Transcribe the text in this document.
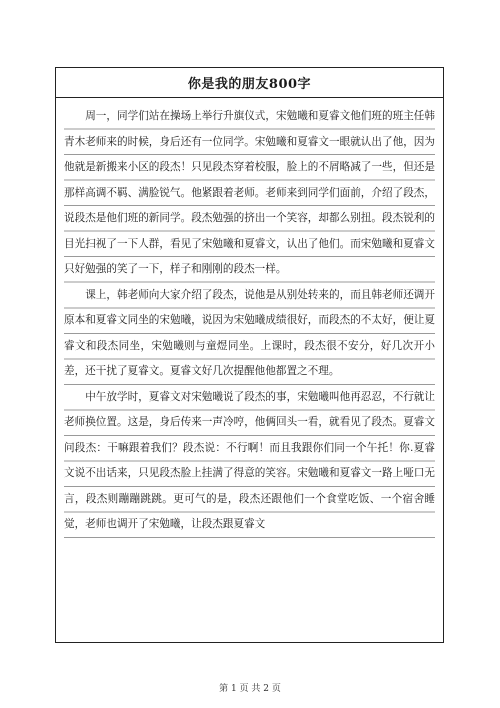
你是我的朋友800字

周一，同学们站在操场上举行升旗仪式，宋勉曦和夏睿文他们班的班主任韩青木老师来的时候，身后还有一位同学。宋勉曦和夏睿文一眼就认出了他，因为他就是新搬来小区的段杰！只见段杰穿着校服，脸上的不屑略减了一些，但还是那样高调不羁、满脸锐气。他紧跟着老师。老师来到同学们面前，介绍了段杰，说段杰是他们班的新同学。段杰勉强的挤出一个笑容，却都么别扭。段杰锐利的目光扫视了一下人群，看见了宋勉曦和夏睿文，认出了他们。而宋勉曦和夏睿文只好勉强的笑了一下，样子和刚刚的段杰一样。

课上，韩老师向大家介绍了段杰，说他是从别处转来的，而且韩老师还调开原本和夏睿文同坐的宋勉曦，说因为宋勉曦成绩很好，而段杰的不太好，便让夏睿文和段杰同坐，宋勉曦则与童煜同坐。上课时，段杰很不安分，好几次开小差，还干扰了夏睿文。夏睿文好几次提醒他他都置之不理。

中午放学时，夏睿文对宋勉曦说了段杰的事，宋勉曦叫他再忍忍，不行就让老师换位置。这是，身后传来一声冷哼，他俩回头一看，就看见了段杰。夏睿文问段杰：干嘛跟着我们？段杰说：不行啊！而且我跟你们同一个午托！你.夏睿文说不出话来，只见段杰脸上挂满了得意的笑容。宋勉曦和夏睿文一路上哑口无言，段杰则蹦蹦跳跳。更可气的是，段杰还跟他们一个食堂吃饭、一个宿舍睡觉，老师也调开了宋勉曦，让段杰跟夏睿文

第 1 页 共 2 页
